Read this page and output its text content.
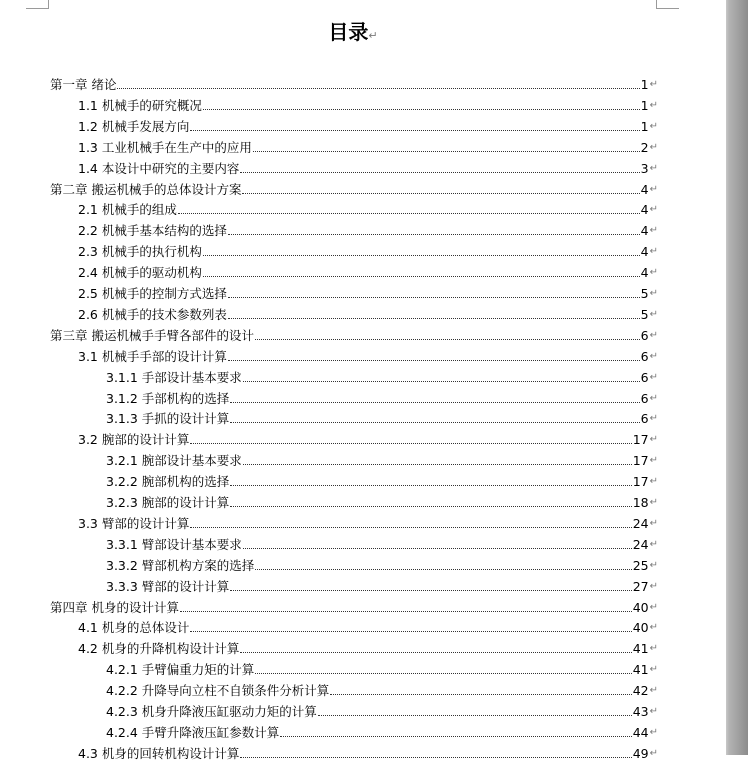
目录↵
第一章 绪论	1 ↵
1.1 机械手的研究概况	1 ↵
1.2 机械手发展方向	1 ↵
1.3 工业机械手在生产中的应用	2 ↵
1.4 本设计中研究的主要内容	3 ↵
第二章 搬运机械手的总体设计方案	4 ↵
2.1 机械手的组成	4 ↵
2.2 机械手基本结构的选择	4 ↵
2.3 机械手的执行机构	4 ↵
2.4 机械手的驱动机构	4 ↵
2.5 机械手的控制方式选择	5 ↵
2.6 机械手的技术参数列表	5 ↵
第三章 搬运机械手手臂各部件的设计	6 ↵
3.1 机械手手部的设计计算	6 ↵
3.1.1 手部设计基本要求	6 ↵
3.1.2 手部机构的选择	6 ↵
3.1.3 手抓的设计计算	6 ↵
3.2 腕部的设计计算	17 ↵
3.2.1 腕部设计基本要求	17 ↵
3.2.2 腕部机构的选择	17 ↵
3.2.3 腕部的设计计算	18 ↵
3.3 臂部的设计计算	24 ↵
3.3.1 臂部设计基本要求	24 ↵
3.3.2 臂部机构方案的选择	25 ↵
3.3.3 臂部的设计计算	27 ↵
第四章 机身的设计计算	40 ↵
4.1 机身的总体设计	40 ↵
4.2 机身的升降机构设计计算	41 ↵
4.2.1 手臂偏重力矩的计算	41 ↵
4.2.2 升降导向立柱不自锁条件分析计算	42 ↵
4.2.3 机身升降液压缸驱动力矩的计算	43 ↵
4.2.4 手臂升降液压缸参数计算	44 ↵
4.3 机身的回转机构设计计算	49 ↵
